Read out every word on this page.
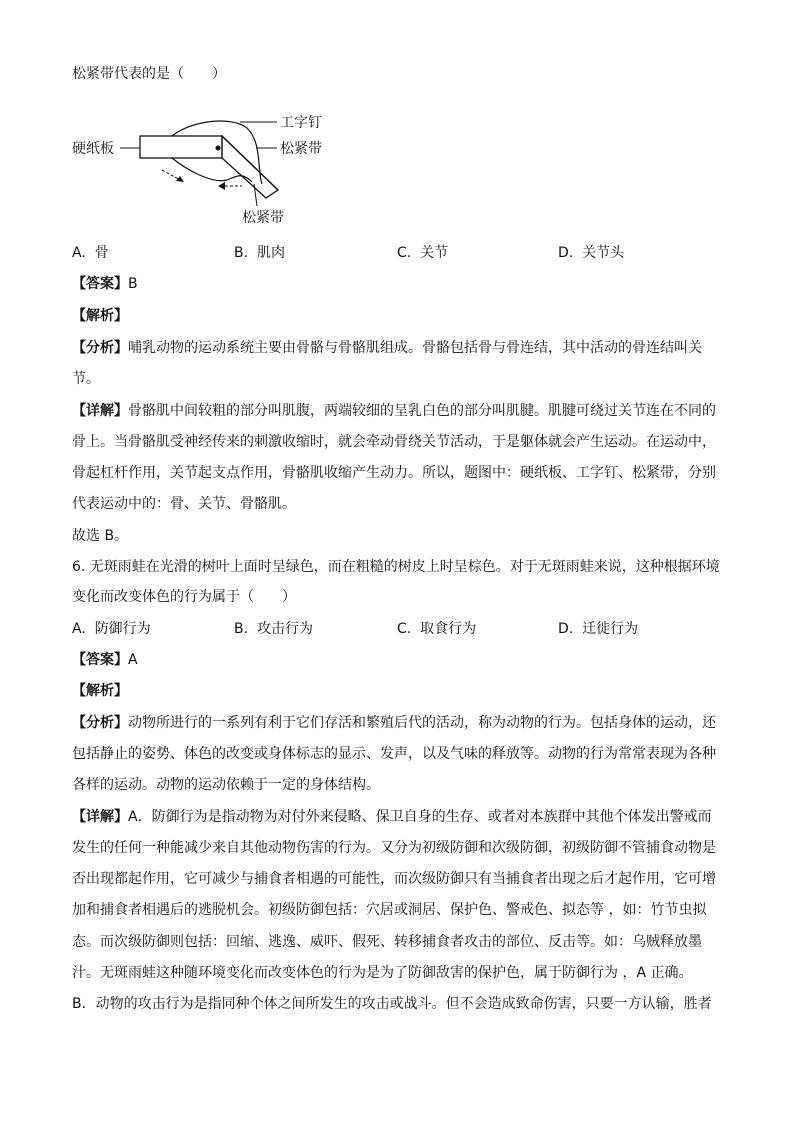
松紧带代表的是（　　）
硬纸板
工字钉
松紧带
松紧带
A. 骨	B. 肌肉	C. 关节	D. 关节头
【答案】B
【解析】
【分析】哺乳动物的运动系统主要由骨骼与骨骼肌组成。骨骼包括骨与骨连结，其中活动的骨连结叫关
节。
【详解】骨骼肌中间较粗的部分叫肌腹，两端较细的呈乳白色的部分叫肌腱。肌腱可绕过关节连在不同的
骨上。当骨骼肌受神经传来的刺激收缩时，就会牵动骨绕关节活动，于是躯体就会产生运动。在运动中，
骨起杠杆作用，关节起支点作用，骨骼肌收缩产生动力。所以，题图中：硬纸板、工字钉、松紧带，分别
代表运动中的：骨、关节、骨骼肌。
故选 B。
6. 无斑雨蛙在光滑的树叶上面时呈绿色，而在粗糙的树皮上时呈棕色。对于无斑雨蛙来说，这种根据环境
变化而改变体色的行为属于（　　）
A. 防御行为	B. 攻击行为	C. 取食行为	D. 迁徙行为
【答案】A
【解析】
【分析】动物所进行的一系列有利于它们存活和繁殖后代的活动，称为动物的行为。包括身体的运动，还
包括静止的姿势、体色的改变或身体标志的显示、发声，以及气味的释放等。动物的行为常常表现为各种
各样的运动。动物的运动依赖于一定的身体结构。
【详解】A．防御行为是指动物为对付外来侵略、保卫自身的生存、或者对本族群中其他个体发出警戒而
发生的任何一种能减少来自其他动物伤害的行为。又分为初级防御和次级防御，初级防御不管捕食动物是
否出现都起作用，它可减少与捕食者相遇的可能性，而次级防御只有当捕食者出现之后才起作用，它可增
加和捕食者相遇后的逃脱机会。初级防御包括：穴居或洞居、保护色、警戒色、拟态等 ，如：竹节虫拟
态。而次级防御则包括：回缩、逃逸、威吓、假死、转移捕食者攻击的部位、反击等。如：乌贼释放墨
汁。无斑雨蛙这种随环境变化而改变体色的行为是为了防御敌害的保护色，属于防御行为 ，A 正确。
B．动物的攻击行为是指同种个体之间所发生的攻击或战斗。但不会造成致命伤害，只要一方认输，胜者
